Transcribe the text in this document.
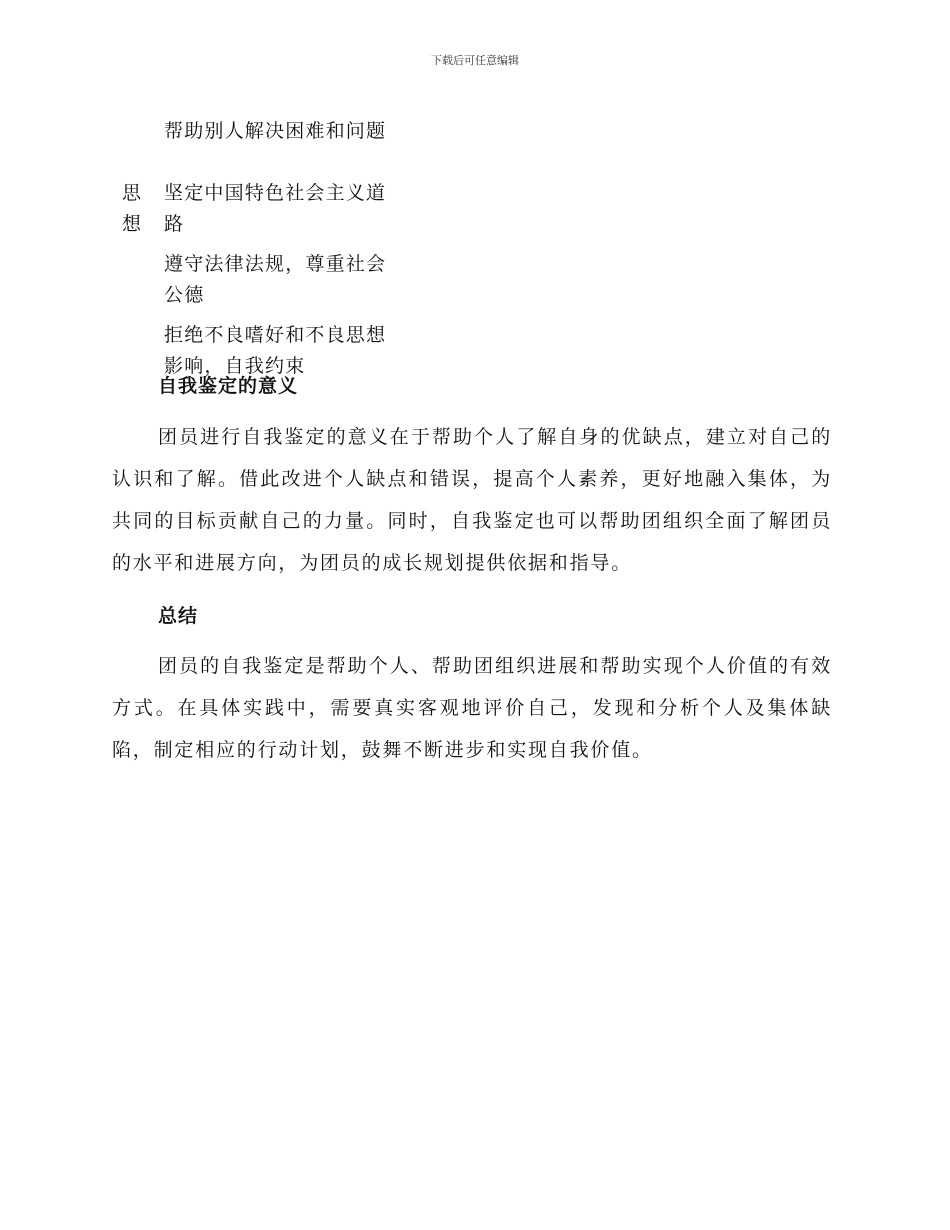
下载后可任意编辑
帮助别人解决困难和问题
思想
坚定中国特色社会主义道路
遵守法律法规，尊重社会公德
拒绝不良嗜好和不良思想影响，自我约束
自我鉴定的意义
团员进行自我鉴定的意义在于帮助个人了解自身的优缺点，建立对自己的认识和了解。借此改进个人缺点和错误，提高个人素养，更好地融入集体，为共同的目标贡献自己的力量。同时，自我鉴定也可以帮助团组织全面了解团员的水平和进展方向，为团员的成长规划提供依据和指导。
总结
团员的自我鉴定是帮助个人、帮助团组织进展和帮助实现个人价值的有效方式。在具体实践中，需要真实客观地评价自己，发现和分析个人及集体缺陷，制定相应的行动计划，鼓舞不断进步和实现自我价值。
